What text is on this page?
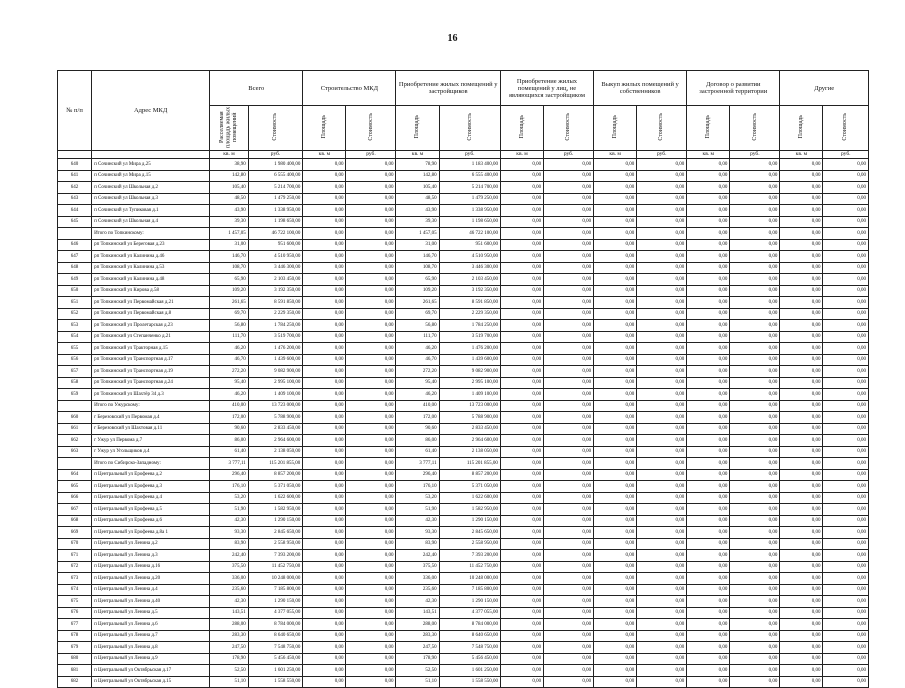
16
№ п/п	Адрес МКД	Всего		Строительство МКД		Приобретение жилых помещений у застройщиков		Приобретение жилых помещений у лиц, не являющихся застройщиком		Выкуп жилых помещений у собственников		Договор о развитии застроенной территории		Другие	
		Расселяемая площадь жилых помещений	Стоимость	Площадь	Стоимость	Площадь	Стоимость	Площадь	Стоимость	Площадь	Стоимость	Площадь	Стоимость	Площадь	Стоимость
		кв. м	руб.	кв. м	руб.	кв. м	руб.	кв. м	руб.	кв. м	руб.	кв. м	руб.	кв. м	руб.
640	п Сочинский ул Мира д.25	38,90	1 980 400,00	0,00	0,00	78,90	1 183 400,00	0,00	0,00	0,00	0,00	0,00	0,00	0,00	0,00
641	п Сочинский ул Мира д.15	142,80	6 555 400,00	0,00	0,00	142,80	6 555 400,00	0,00	0,00	0,00	0,00	0,00	0,00	0,00	0,00
642	п Сочинский ул Школьная д.2	105,40	5 214 700,00	0,00	0,00	105,40	5 214 700,00	0,00	0,00	0,00	0,00	0,00	0,00	0,00	0,00
643	п Сочинский ул Школьная д.3	48,50	1 479 250,00	0,00	0,00	48,50	1 479 250,00	0,00	0,00	0,00	0,00	0,00	0,00	0,00	0,00
644	п Сочинский ул Тупиковая д.1	43,90	1 338 950,00	0,00	0,00	43,90	1 338 950,00	0,00	0,00	0,00	0,00	0,00	0,00	0,00	0,00
645	п Сочинский ул Школьная д.4	39,30	1 198 650,00	0,00	0,00	39,30	1 198 650,00	0,00	0,00	0,00	0,00	0,00	0,00	0,00	0,00
	Итого по Топкинскому:	1 457,05	46 722 100,00	0,00	0,00	1 457,05	46 722 100,00	0,00	0,00	0,00	0,00	0,00	0,00	0,00	0,00
646	рп Топкинский ул Береговая д.23	31,00	951 600,00	0,00	0,00	31,00	951 600,00	0,00	0,00	0,00	0,00	0,00	0,00	0,00	0,00
647	рп Топкинский ул Калинина д.46	146,70	4 510 950,00	0,00	0,00	146,70	4 510 950,00	0,00	0,00	0,00	0,00	0,00	0,00	0,00	0,00
648	рп Топкинский ул Калинина д.53	108,70	3 446 300,00	0,00	0,00	108,70	3 446 300,00	0,00	0,00	0,00	0,00	0,00	0,00	0,00	0,00
649	рп Топкинский ул Калинина д.48	65,90	2 103 450,00	0,00	0,00	65,90	2 103 450,00	0,00	0,00	0,00	0,00	0,00	0,00	0,00	0,00
650	рп Топкинский ул Кирова д.58	109,20	3 192 350,00	0,00	0,00	109,20	3 192 350,00	0,00	0,00	0,00	0,00	0,00	0,00	0,00	0,00
651	рп Топкинский ул Первомайская д.21	261,65	8 591 850,00	0,00	0,00	261,65	8 591 850,00	0,00	0,00	0,00	0,00	0,00	0,00	0,00	0,00
652	рп Топкинский ул Первомайская д.8	69,70	2 229 350,00	0,00	0,00	69,70	2 229 350,00	0,00	0,00	0,00	0,00	0,00	0,00	0,00	0,00
653	рп Топкинский ул Пролетарская д.23	56,80	1 784 250,00	0,00	0,00	56,80	1 784 250,00	0,00	0,00	0,00	0,00	0,00	0,00	0,00	0,00
654	рп Топкинский ул Степанченко д.21	111,70	3 519 700,00	0,00	0,00	111,70	3 519 700,00	0,00	0,00	0,00	0,00	0,00	0,00	0,00	0,00
655	рп Топкинский ул Тракторная д.15	46,20	1 476 200,00	0,00	0,00	46,20	1 476 200,00	0,00	0,00	0,00	0,00	0,00	0,00	0,00	0,00
656	рп Топкинский ул Транспортная д.17	46,70	1 439 600,00	0,00	0,00	46,70	1 439 600,00	0,00	0,00	0,00	0,00	0,00	0,00	0,00	0,00
657	рп Топкинский ул Транспортная д.19	272,20	9 082 900,00	0,00	0,00	272,20	9 082 900,00	0,00	0,00	0,00	0,00	0,00	0,00	0,00	0,00
658	рп Топкинский ул Транспортная д.24	95,40	2 995 100,00	0,00	0,00	95,40	2 995 100,00	0,00	0,00	0,00	0,00	0,00	0,00	0,00	0,00
659	рп Топкинский ул Шахтёр 34 д.3	46,20	1 409 100,00	0,00	0,00	46,20	1 409 100,00	0,00	0,00	0,00	0,00	0,00	0,00	0,00	0,00
	Итого по Ужурскому:	410,00	13 723 000,00	0,00	0,00	410,00	13 723 000,00	0,00	0,00	0,00	0,00	0,00	0,00	0,00	0,00
660	г Березовский ул Первомая д.4	172,00	5 788 900,00	0,00	0,00	172,00	5 788 900,00	0,00	0,00	0,00	0,00	0,00	0,00	0,00	0,00
661	г Березовский ул Шахтовая д.11	90,60	2 833 450,00	0,00	0,00	90,60	2 833 450,00	0,00	0,00	0,00	0,00	0,00	0,00	0,00	0,00
662	г Ужур ул Первома д.7	86,00	2 964 600,00	0,00	0,00	86,00	2 964 600,00	0,00	0,00	0,00	0,00	0,00	0,00	0,00	0,00
663	г Ужур ул Угольщиков д.4	61,40	2 138 050,00	0,00	0,00	61,40	2 138 050,00	0,00	0,00	0,00	0,00	0,00	0,00	0,00	0,00
	Итого по Сибирско-Западному:	3 777,11	115 201 855,00	0,00	0,00	3 777,11	115 201 855,00	0,00	0,00	0,00	0,00	0,00	0,00	0,00	0,00
664	п Центральный ул Ерофеева д.2	296,40	8 857 200,00	0,00	0,00	296,40	8 857 200,00	0,00	0,00	0,00	0,00	0,00	0,00	0,00	0,00
665	п Центральный ул Ерофеева д.3	176,10	5 371 050,00	0,00	0,00	176,10	5 371 050,00	0,00	0,00	0,00	0,00	0,00	0,00	0,00	0,00
666	п Центральный ул Ерофеева д.4	53,20	1 622 600,00	0,00	0,00	53,20	1 622 600,00	0,00	0,00	0,00	0,00	0,00	0,00	0,00	0,00
667	п Центральный ул Ерофеева д.5	51,90	1 582 950,00	0,00	0,00	51,90	1 582 950,00	0,00	0,00	0,00	0,00	0,00	0,00	0,00	0,00
668	п Центральный ул Ерофеева д.6	42,30	1 290 150,00	0,00	0,00	42,30	1 290 150,00	0,00	0,00	0,00	0,00	0,00	0,00	0,00	0,00
669	п Центральный ул Ерофеева д.8а 1	93,30	2 845 650,00	0,00	0,00	93,30	2 845 650,00	0,00	0,00	0,00	0,00	0,00	0,00	0,00	0,00
670	п Центральный ул Ленина д.2	83,90	2 558 950,00	0,00	0,00	83,90	2 558 950,00	0,00	0,00	0,00	0,00	0,00	0,00	0,00	0,00
671	п Центральный ул Ленина д.3	242,40	7 393 200,00	0,00	0,00	242,40	7 393 200,00	0,00	0,00	0,00	0,00	0,00	0,00	0,00	0,00
672	п Центральный ул Ленина д.16	375,50	11 452 750,00	0,00	0,00	375,50	11 452 750,00	0,00	0,00	0,00	0,00	0,00	0,00	0,00	0,00
673	п Центральный ул Ленина д.20	336,00	10 248 000,00	0,00	0,00	336,00	10 248 000,00	0,00	0,00	0,00	0,00	0,00	0,00	0,00	0,00
674	п Центральный ул Ленина д.4	235,60	7 185 800,00	0,00	0,00	235,60	7 185 800,00	0,00	0,00	0,00	0,00	0,00	0,00	0,00	0,00
675	п Центральный ул Ленина д.40	42,30	1 290 150,00	0,00	0,00	42,30	1 290 150,00	0,00	0,00	0,00	0,00	0,00	0,00	0,00	0,00
676	п Центральный ул Ленина д.5	143,51	4 377 055,00	0,00	0,00	143,51	4 377 055,00	0,00	0,00	0,00	0,00	0,00	0,00	0,00	0,00
677	п Центральный ул Ленина д.6	288,00	8 784 000,00	0,00	0,00	288,00	8 784 000,00	0,00	0,00	0,00	0,00	0,00	0,00	0,00	0,00
678	п Центральный ул Ленина д.7	283,30	8 640 650,00	0,00	0,00	283,30	8 640 650,00	0,00	0,00	0,00	0,00	0,00	0,00	0,00	0,00
679	п Центральный ул Ленина д.8	247,50	7 548 750,00	0,00	0,00	247,50	7 548 750,00	0,00	0,00	0,00	0,00	0,00	0,00	0,00	0,00
680	п Центральный ул Ленина д.9	178,90	5 456 450,00	0,00	0,00	178,90	5 456 450,00	0,00	0,00	0,00	0,00	0,00	0,00	0,00	0,00
681	п Центральный ул Октябрьская д.17	52,50	1 601 250,00	0,00	0,00	52,50	1 601 250,00	0,00	0,00	0,00	0,00	0,00	0,00	0,00	0,00
682	п Центральный ул Октябрьская д.15	51,10	1 558 550,00	0,00	0,00	51,10	1 558 550,00	0,00	0,00	0,00	0,00	0,00	0,00	0,00	0,00
